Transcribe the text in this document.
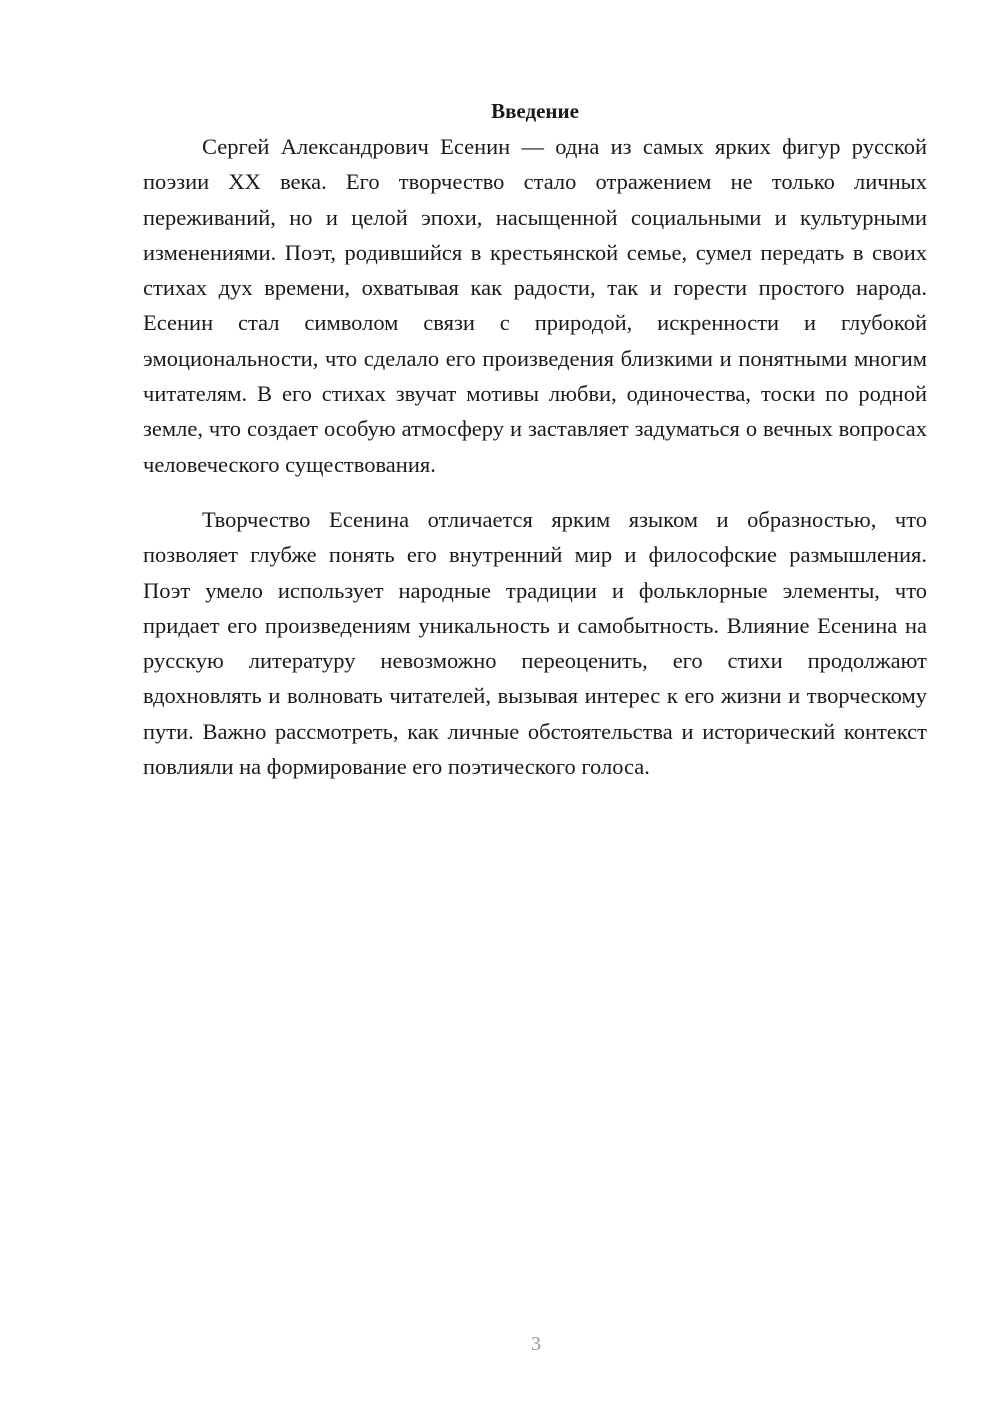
Введение

Сергей Александрович Есенин — одна из самых ярких фигур русской поэзии XX века. Его творчество стало отражением не только личных переживаний, но и целой эпохи, насыщенной социальными и культурными изменениями. Поэт, родившийся в крестьянской семье, сумел передать в своих стихах дух времени, охватывая как радости, так и горести простого народа. Есенин стал символом связи с природой, искренности и глубокой эмоциональности, что сделало его произведения близкими и понятными многим читателям. В его стихах звучат мотивы любви, одиночества, тоски по родной земле, что создает особую атмосферу и заставляет задуматься о вечных вопросах человеческого существования.

Творчество Есенина отличается ярким языком и образностью, что позволяет глубже понять его внутренний мир и философские размышления. Поэт умело использует народные традиции и фольклорные элементы, что придает его произведениям уникальность и самобытность. Влияние Есенина на русскую литературу невозможно переоценить, его стихи продолжают вдохновлять и волновать читателей, вызывая интерес к его жизни и творческому пути. Важно рассмотреть, как личные обстоятельства и исторический контекст повлияли на формирование его поэтического голоса.

3
